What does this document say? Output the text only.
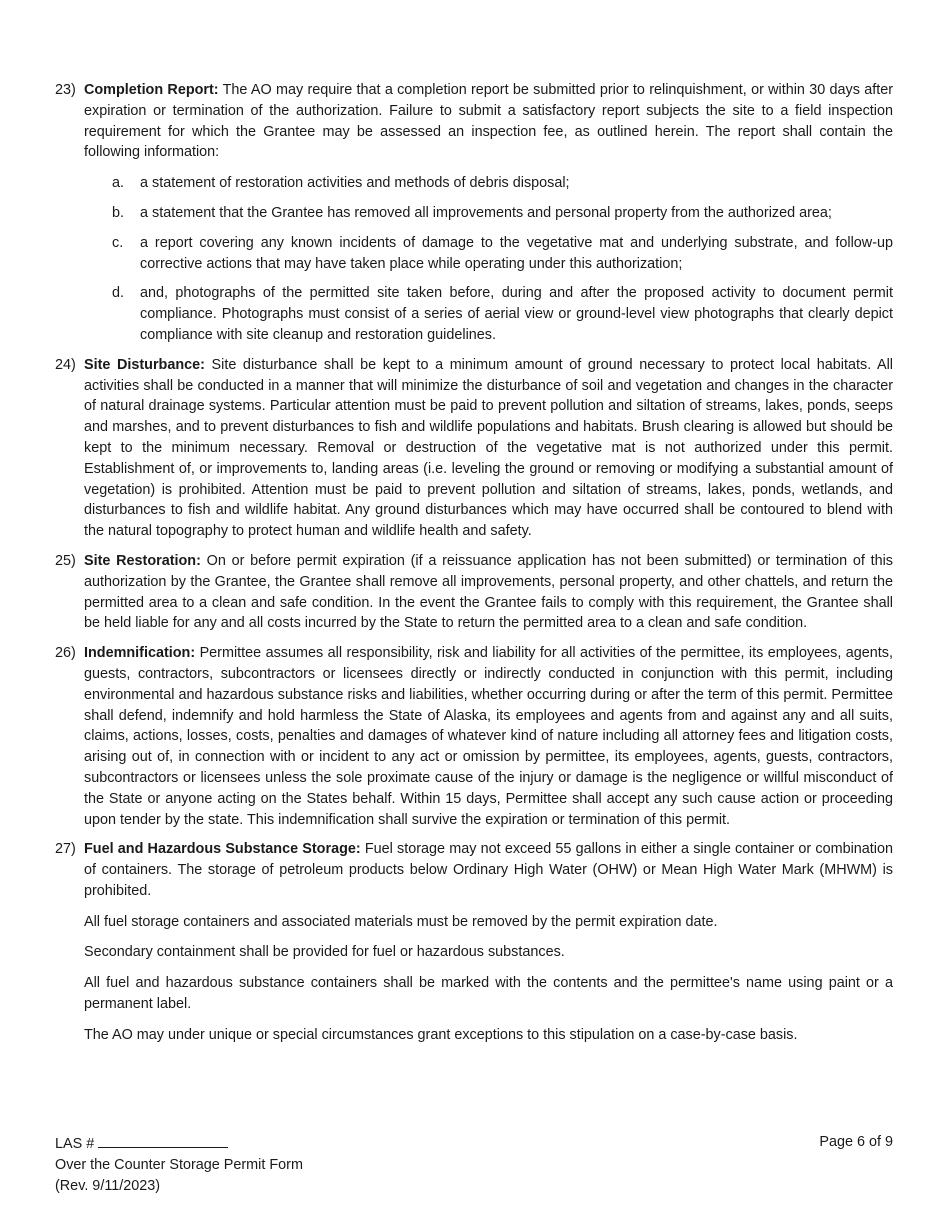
23) Completion Report: The AO may require that a completion report be submitted prior to relinquishment, or within 30 days after expiration or termination of the authorization. Failure to submit a satisfactory report subjects the site to a field inspection requirement for which the Grantee may be assessed an inspection fee, as outlined herein. The report shall contain the following information:

a.	a statement of restoration activities and methods of debris disposal;
b.	a statement that the Grantee has removed all improvements and personal property from the authorized area;
c.	a report covering any known incidents of damage to the vegetative mat and underlying substrate, and follow-up corrective actions that may have taken place while operating under this authorization;
d.	and, photographs of the permitted site taken before, during and after the proposed activity to document permit compliance. Photographs must consist of a series of aerial view or ground-level view photographs that clearly depict compliance with site cleanup and restoration guidelines.
24) Site Disturbance: Site disturbance shall be kept to a minimum amount of ground necessary to protect local habitats. All activities shall be conducted in a manner that will minimize the disturbance of soil and vegetation and changes in the character of natural drainage systems. Particular attention must be paid to prevent pollution and siltation of streams, lakes, ponds, seeps and marshes, and to prevent disturbances to fish and wildlife populations and habitats. Brush clearing is allowed but should be kept to the minimum necessary. Removal or destruction of the vegetative mat is not authorized under this permit. Establishment of, or improvements to, landing areas (i.e. leveling the ground or removing or modifying a substantial amount of vegetation) is prohibited. Attention must be paid to prevent pollution and siltation of streams, lakes, ponds, wetlands, and disturbances to fish and wildlife habitat. Any ground disturbances which may have occurred shall be contoured to blend with the natural topography to protect human and wildlife health and safety.

25) Site Restoration: On or before permit expiration (if a reissuance application has not been submitted) or termination of this authorization by the Grantee, the Grantee shall remove all improvements, personal property, and other chattels, and return the permitted area to a clean and safe condition. In the event the Grantee fails to comply with this requirement, the Grantee shall be held liable for any and all costs incurred by the State to return the permitted area to a clean and safe condition.

26) Indemnification: Permittee assumes all responsibility, risk and liability for all activities of the permittee, its employees, agents, guests, contractors, subcontractors or licensees directly or indirectly conducted in conjunction with this permit, including environmental and hazardous substance risks and liabilities, whether occurring during or after the term of this permit. Permittee shall defend, indemnify and hold harmless the State of Alaska, its employees and agents from and against any and all suits, claims, actions, losses, costs, penalties and damages of whatever kind of nature including all attorney fees and litigation costs, arising out of, in connection with or incident to any act or omission by permittee, its employees, agents, guests, contractors, subcontractors or licensees unless the sole proximate cause of the injury or damage is the negligence or willful misconduct of the State or anyone acting on the States behalf. Within 15 days, Permittee shall accept any such cause action or proceeding upon tender by the state. This indemnification shall survive the expiration or termination of this permit.

27) Fuel and Hazardous Substance Storage: Fuel storage may not exceed 55 gallons in either a single container or combination of containers. The storage of petroleum products below Ordinary High Water (OHW) or Mean High Water Mark (MHWM) is prohibited.

All fuel storage containers and associated materials must be removed by the permit expiration date.

Secondary containment shall be provided for fuel or hazardous substances.

All fuel and hazardous substance containers shall be marked with the contents and the permittee's name using paint or a permanent label.

The AO may under unique or special circumstances grant exceptions to this stipulation on a case-by-case basis.

LAS #
Over the Counter Storage Permit Form
(Rev. 9/11/2023)
Page 6 of 9
